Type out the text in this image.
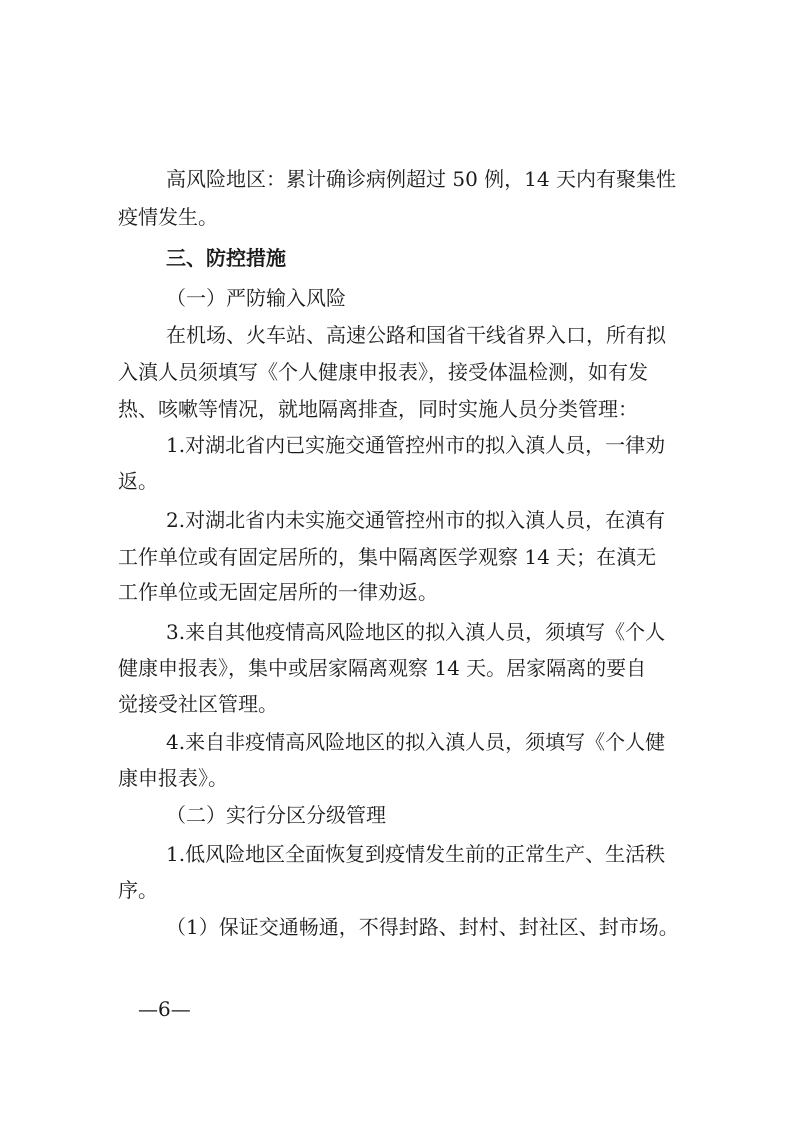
高风险地区：累计确诊病例超过 50 例，14 天内有聚集性
疫情发生。
三、防控措施
（一）严防输入风险
在机场、火车站、高速公路和国省干线省界入口，所有拟
入滇人员须填写《个人健康申报表》，接受体温检测，如有发
热、咳嗽等情况，就地隔离排查，同时实施人员分类管理：
1.对湖北省内已实施交通管控州市的拟入滇人员，一律劝
返。
2.对湖北省内未实施交通管控州市的拟入滇人员，在滇有
工作单位或有固定居所的，集中隔离医学观察 14 天；在滇无
工作单位或无固定居所的一律劝返。
3.来自其他疫情高风险地区的拟入滇人员，须填写《个人
健康申报表》，集中或居家隔离观察 14 天。居家隔离的要自
觉接受社区管理。
4.来自非疫情高风险地区的拟入滇人员，须填写《个人健
康申报表》。
（二）实行分区分级管理
1.低风险地区全面恢复到疫情发生前的正常生产、生活秩
序。
（1）保证交通畅通，不得封路、封村、封社区、封市场。
—6—
